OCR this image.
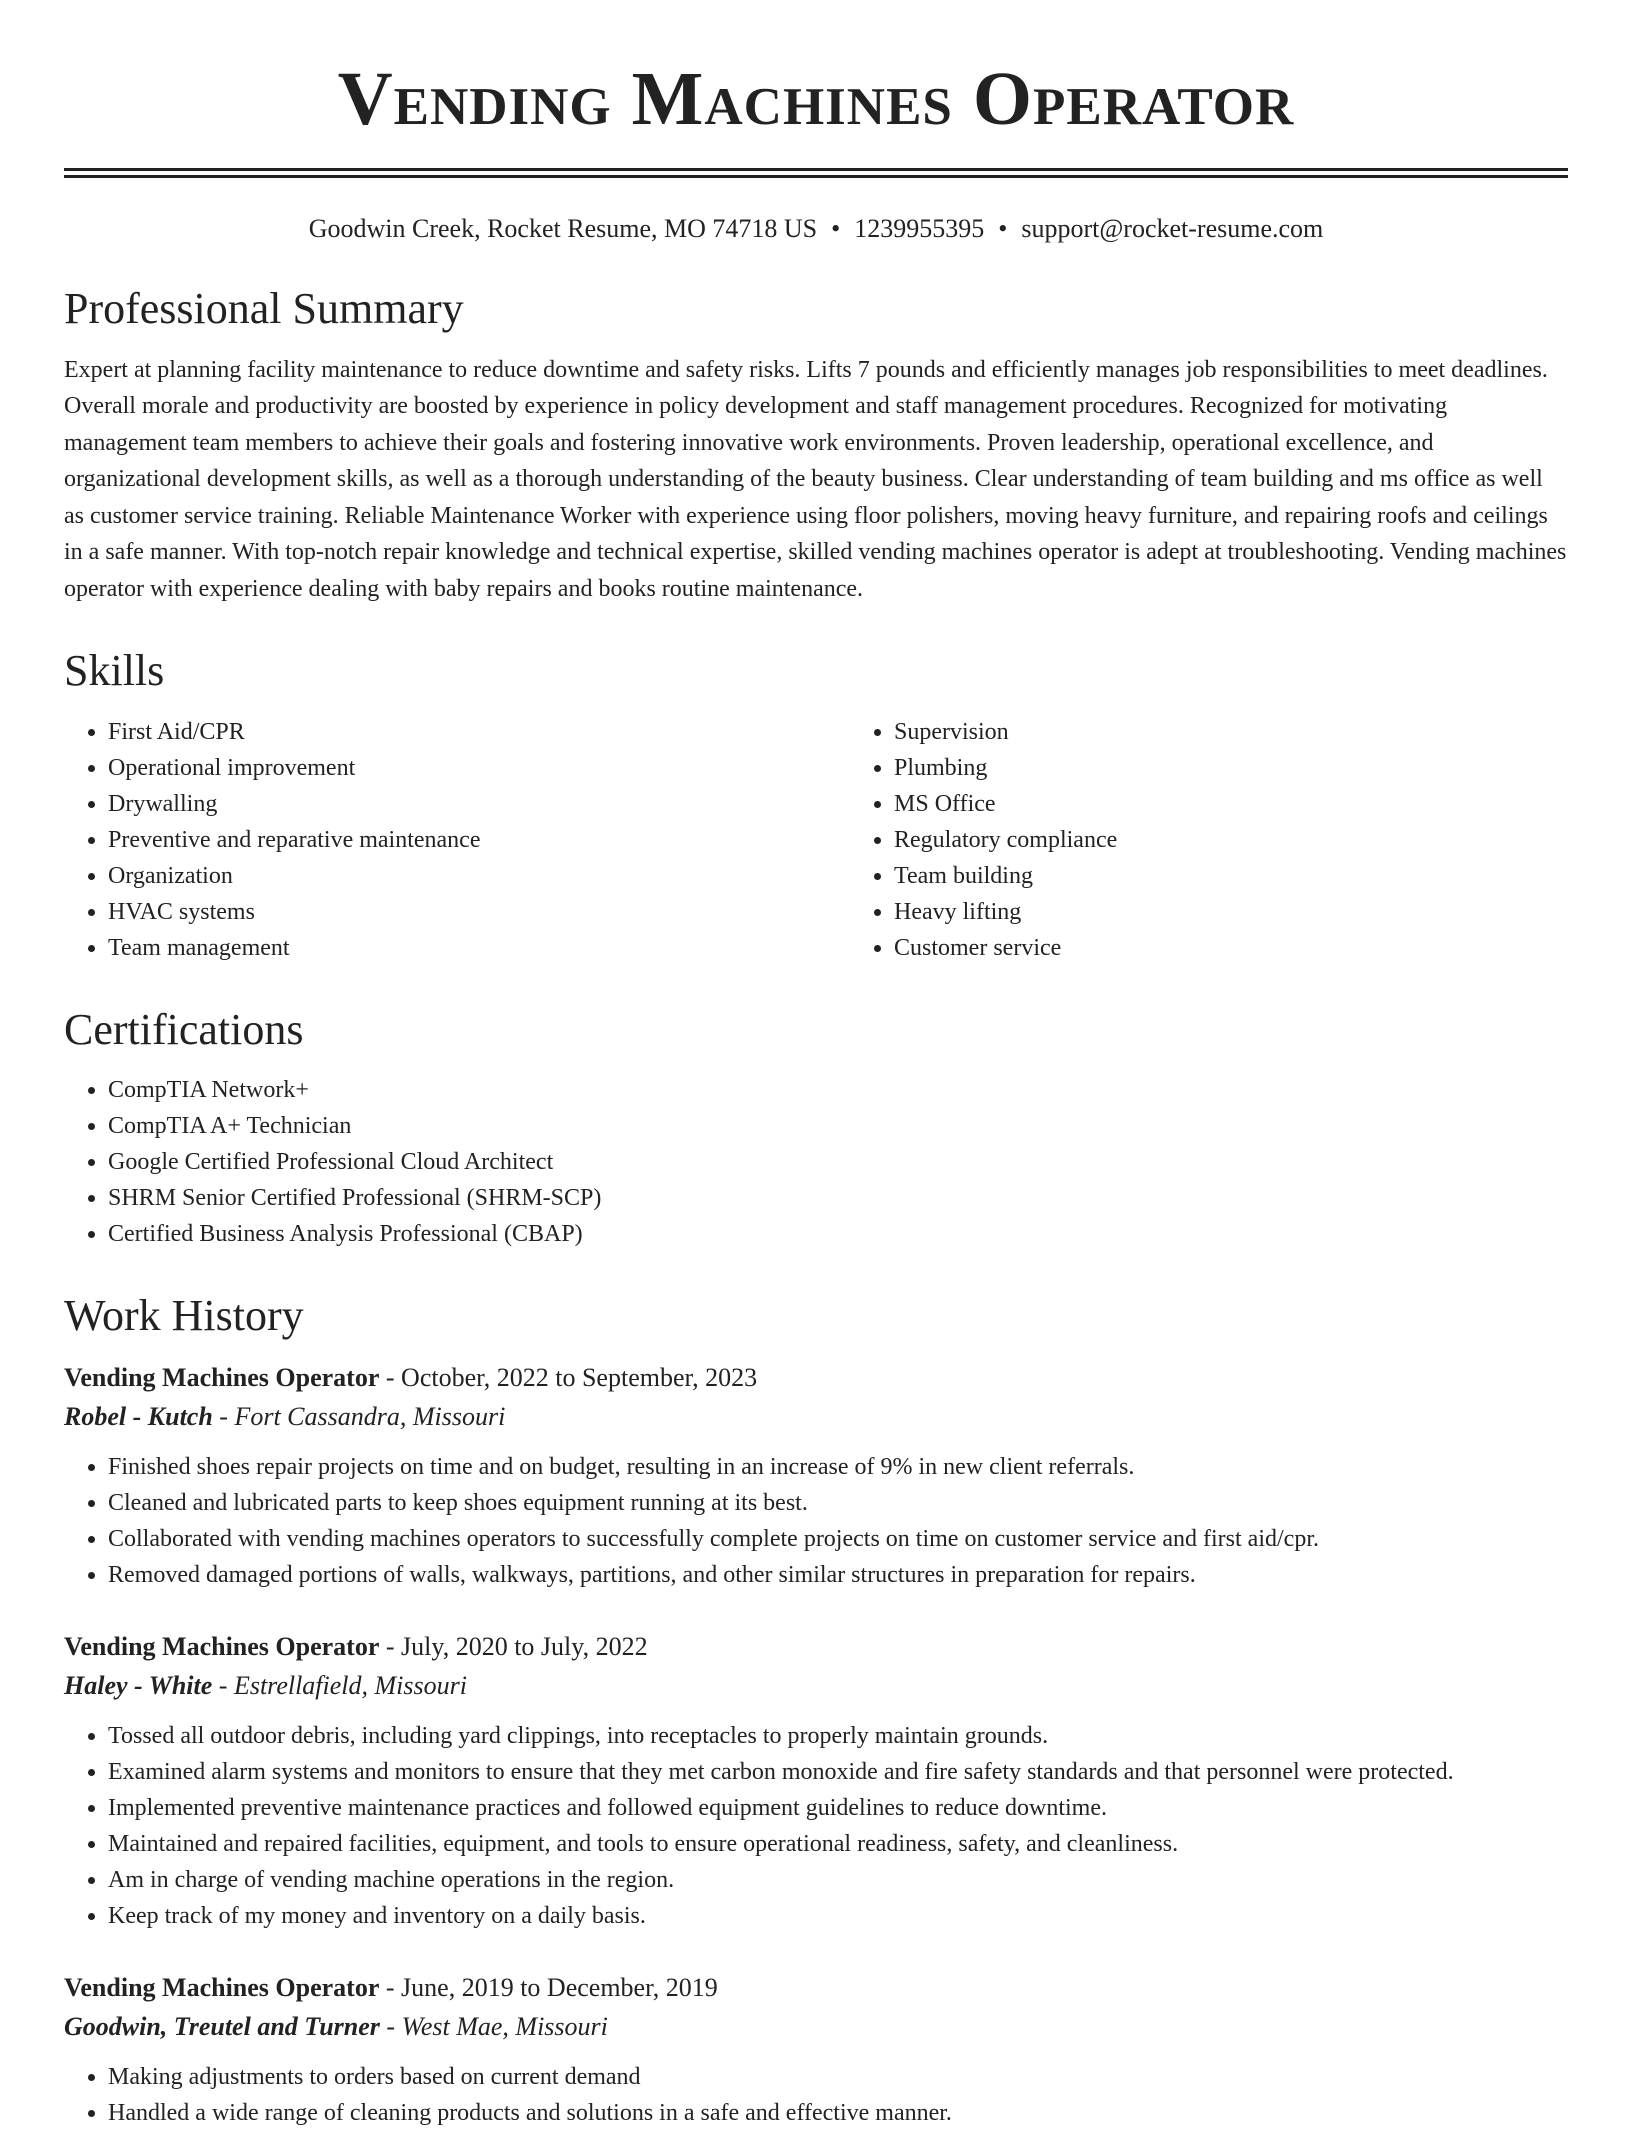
Vending Machines Operator
Goodwin Creek, Rocket Resume, MO 74718 US • 1239955395 • support@rocket-resume.com
Professional Summary

Expert at planning facility maintenance to reduce downtime and safety risks. Lifts 7 pounds and efficiently manages job responsibilities to meet deadlines. Overall morale and productivity are boosted by experience in policy development and staff management procedures. Recognized for motivating management team members to achieve their goals and fostering innovative work environments. Proven leadership, operational excellence, and organizational development skills, as well as a thorough understanding of the beauty business. Clear understanding of team building and ms office as well as customer service training. Reliable Maintenance Worker with experience using floor polishers, moving heavy furniture, and repairing roofs and ceilings in a safe manner. With top-notch repair knowledge and technical expertise, skilled vending machines operator is adept at troubleshooting. Vending machines operator with experience dealing with baby repairs and books routine maintenance.

Skills
• First Aid/CPR
• Operational improvement
• Drywalling
• Preventive and reparative maintenance
• Organization
• HVAC systems
• Team management
• Supervision
• Plumbing
• MS Office
• Regulatory compliance
• Team building
• Heavy lifting
• Customer service
Certifications
• CompTIA Network+
• CompTIA A+ Technician
• Google Certified Professional Cloud Architect
• SHRM Senior Certified Professional (SHRM-SCP)
• Certified Business Analysis Professional (CBAP)
Work History
Vending Machines Operator - October, 2022 to September, 2023
Robel - Kutch - Fort Cassandra, Missouri
• Finished shoes repair projects on time and on budget, resulting in an increase of 9% in new client referrals.
• Cleaned and lubricated parts to keep shoes equipment running at its best.
• Collaborated with vending machines operators to successfully complete projects on time on customer service and first aid/cpr.
• Removed damaged portions of walls, walkways, partitions, and other similar structures in preparation for repairs.
Vending Machines Operator - July, 2020 to July, 2022
Haley - White - Estrellafield, Missouri
• Tossed all outdoor debris, including yard clippings, into receptacles to properly maintain grounds.
• Examined alarm systems and monitors to ensure that they met carbon monoxide and fire safety standards and that personnel were protected.
• Implemented preventive maintenance practices and followed equipment guidelines to reduce downtime.
• Maintained and repaired facilities, equipment, and tools to ensure operational readiness, safety, and cleanliness.
• Am in charge of vending machine operations in the region.
• Keep track of my money and inventory on a daily basis.
Vending Machines Operator - June, 2019 to December, 2019
Goodwin, Treutel and Turner - West Mae, Missouri
• Making adjustments to orders based on current demand
• Handled a wide range of cleaning products and solutions in a safe and effective manner.
